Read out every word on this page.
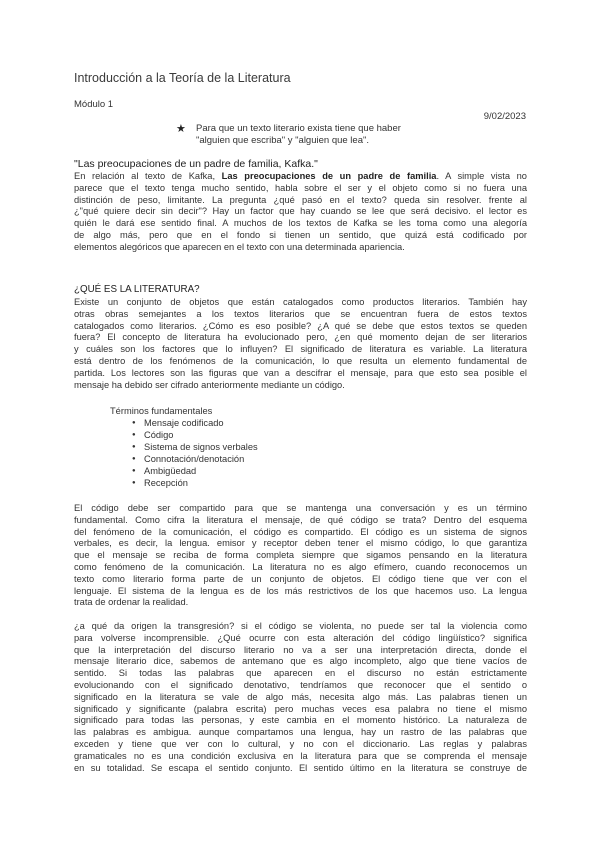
Introducción a la Teoría de la Literatura
Módulo 1
9/02/2023
★ Para que un texto literario exista tiene que haber
"alguien que escriba" y "alguien que lea".
"Las preocupaciones de un padre de familia, Kafka."
En relación al texto de Kafka, Las preocupaciones de un padre de familia. A simple vista no
parece que el texto tenga mucho sentido, habla sobre el ser y el objeto como si no fuera una
distinción de peso, limitante. La pregunta ¿qué pasó en el texto? queda sin resolver. frente al
¿"qué quiere decir sin decir"? Hay un factor que hay cuando se lee que será decisivo. el lector es
quién le dará ese sentido final. A muchos de los textos de Kafka se les toma como una alegoría
de algo más, pero que en el fondo si tienen un sentido, que quizá está codificado por
elementos alegóricos que aparecen en el texto con una determinada apariencia.
¿QUÉ ES LA LITERATURA?
Existe un conjunto de objetos que están catalogados como productos literarios. También hay
otras obras semejantes a los textos literarios que se encuentran fuera de estos textos
catalogados como literarios. ¿Cómo es eso posible? ¿A qué se debe que estos textos se queden
fuera? El concepto de literatura ha evolucionado pero, ¿en qué momento dejan de ser literarios
y cuáles son los factores que lo influyen? El significado de literatura es variable. La literatura
está dentro de los fenómenos de la comunicación, lo que resulta un elemento fundamental de
partida. Los lectores son las figuras que van a descifrar el mensaje, para que esto sea posible el
mensaje ha debido ser cifrado anteriormente mediante un código.
Términos fundamentales
● Mensaje codificado
● Código
● Sistema de signos verbales
● Connotación/denotación
● Ambigüedad
● Recepción
El código debe ser compartido para que se mantenga una conversación y es un término
fundamental. Como cifra la literatura el mensaje, de qué código se trata? Dentro del esquema
del fenómeno de la comunicación, el código es compartido. El código es un sistema de signos
verbales, es decir, la lengua. emisor y receptor deben tener el mismo código, lo que garantiza
que el mensaje se reciba de forma completa siempre que sigamos pensando en la literatura
como fenómeno de la comunicación. La literatura no es algo efímero, cuando reconocemos un
texto como literario forma parte de un conjunto de objetos. El código tiene que ver con el
lenguaje. El sistema de la lengua es de los más restrictivos de los que hacemos uso. La lengua
trata de ordenar la realidad.
¿a qué da origen la transgresión? si el código se violenta, no puede ser tal la violencia como
para volverse incomprensible. ¿Qué ocurre con esta alteración del código lingüístico? significa
que la interpretación del discurso literario no va a ser una interpretación directa, donde el
mensaje literario dice, sabemos de antemano que es algo incompleto, algo que tiene vacíos de
sentido. Si todas las palabras que aparecen en el discurso no están estrictamente
evolucionando con el significado denotativo, tendríamos que reconocer que el sentido o
significado en la literatura se vale de algo más, necesita algo más. Las palabras tienen un
significado y significante (palabra escrita) pero muchas veces esa palabra no tiene el mismo
significado para todas las personas, y este cambia en el momento histórico. La naturaleza de
las palabras es ambigua. aunque compartamos una lengua, hay un rastro de las palabras que
exceden y tiene que ver con lo cultural, y no con el diccionario. Las reglas y palabras
gramaticales no es una condición exclusiva en la literatura para que se comprenda el mensaje
en su totalidad. Se escapa el sentido conjunto. El sentido último en la literatura se construye de
